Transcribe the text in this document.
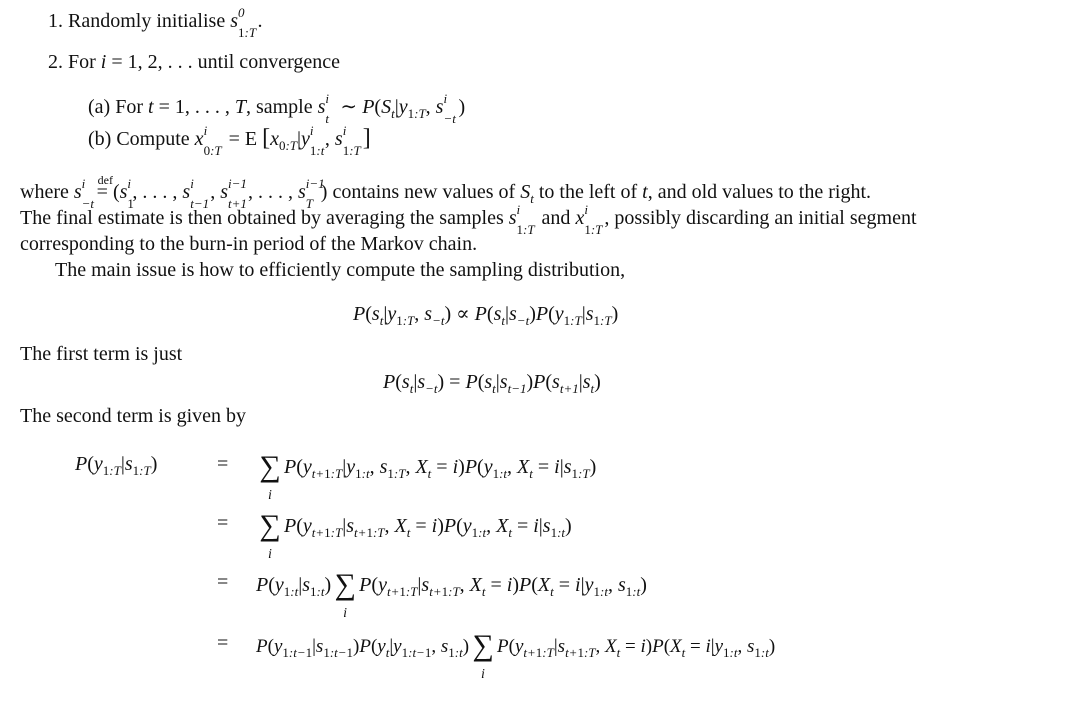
1. Randomly initialise s 0
1:T
.
2. For i = 1, 2, . . . until convergence
(a) For t = 1, . . . , T, sample s i
t
∼ $P(S_t|y_{1:T}$, s i
−t
)
(b) Compute x i
0:T
= E [$x_{0:T}|y$ i
1:t
, s i
1:T ]
where s i
−t

def
= (s i
1
, . . . , s i
t−1
, s i−1
t+1
, . . . , s i−1
T
) contains new values of $S_t$ to the left of t, and old values to the right.
The final estimate is then obtained by averaging the samples s i
1:T
and x i
1:T
, possibly discarding an initial segment
corresponding to the burn-in period of the Markov chain.
The main issue is how to efficiently compute the sampling distribution,
$P(s_t|y_{1:T}$, $s_{-t}) \propto P(s_t|s_{-t})P(y_{1:T}|s_{1:T})$
The first term is just
$P(s_t|s_{-t}) = P(s_t|s_{t-1})P(s_{t+1}|s_t)$
The second term is given by
$P(y_{1:T}|s_{1:T})$	= ∑
i
$P(y_{t+1:T}|y_{1:t}$, $s_{1:T}$, $X_t = i)P(y_{1:t}$, $X_t = i|s_{1:T}$)
= ∑
i
$P(y_{t+1:T}|s_{t+1:T}$, $X_t = i)P(y_{1:t}$, $X_t = i|s_{1:t}$)
= $P(y_{1:t}|s_{1:t})$ ∑
i
$P(y_{t+1:T}|s_{t+1:T}$, $X_t = i)P(X_t = i|y_{1:t}$, $s_{1:t}$)
= $P(y_{1:t-1}|s_{1:t-1})P(y_t|y_{1:t-1}$, $s_{1:t}$) ∑
i
$P(y_{t+1:T}|s_{t+1:T}$, $X_t = i)P(X_t = i|y_{1:t}$, $s_{1:t}$)
